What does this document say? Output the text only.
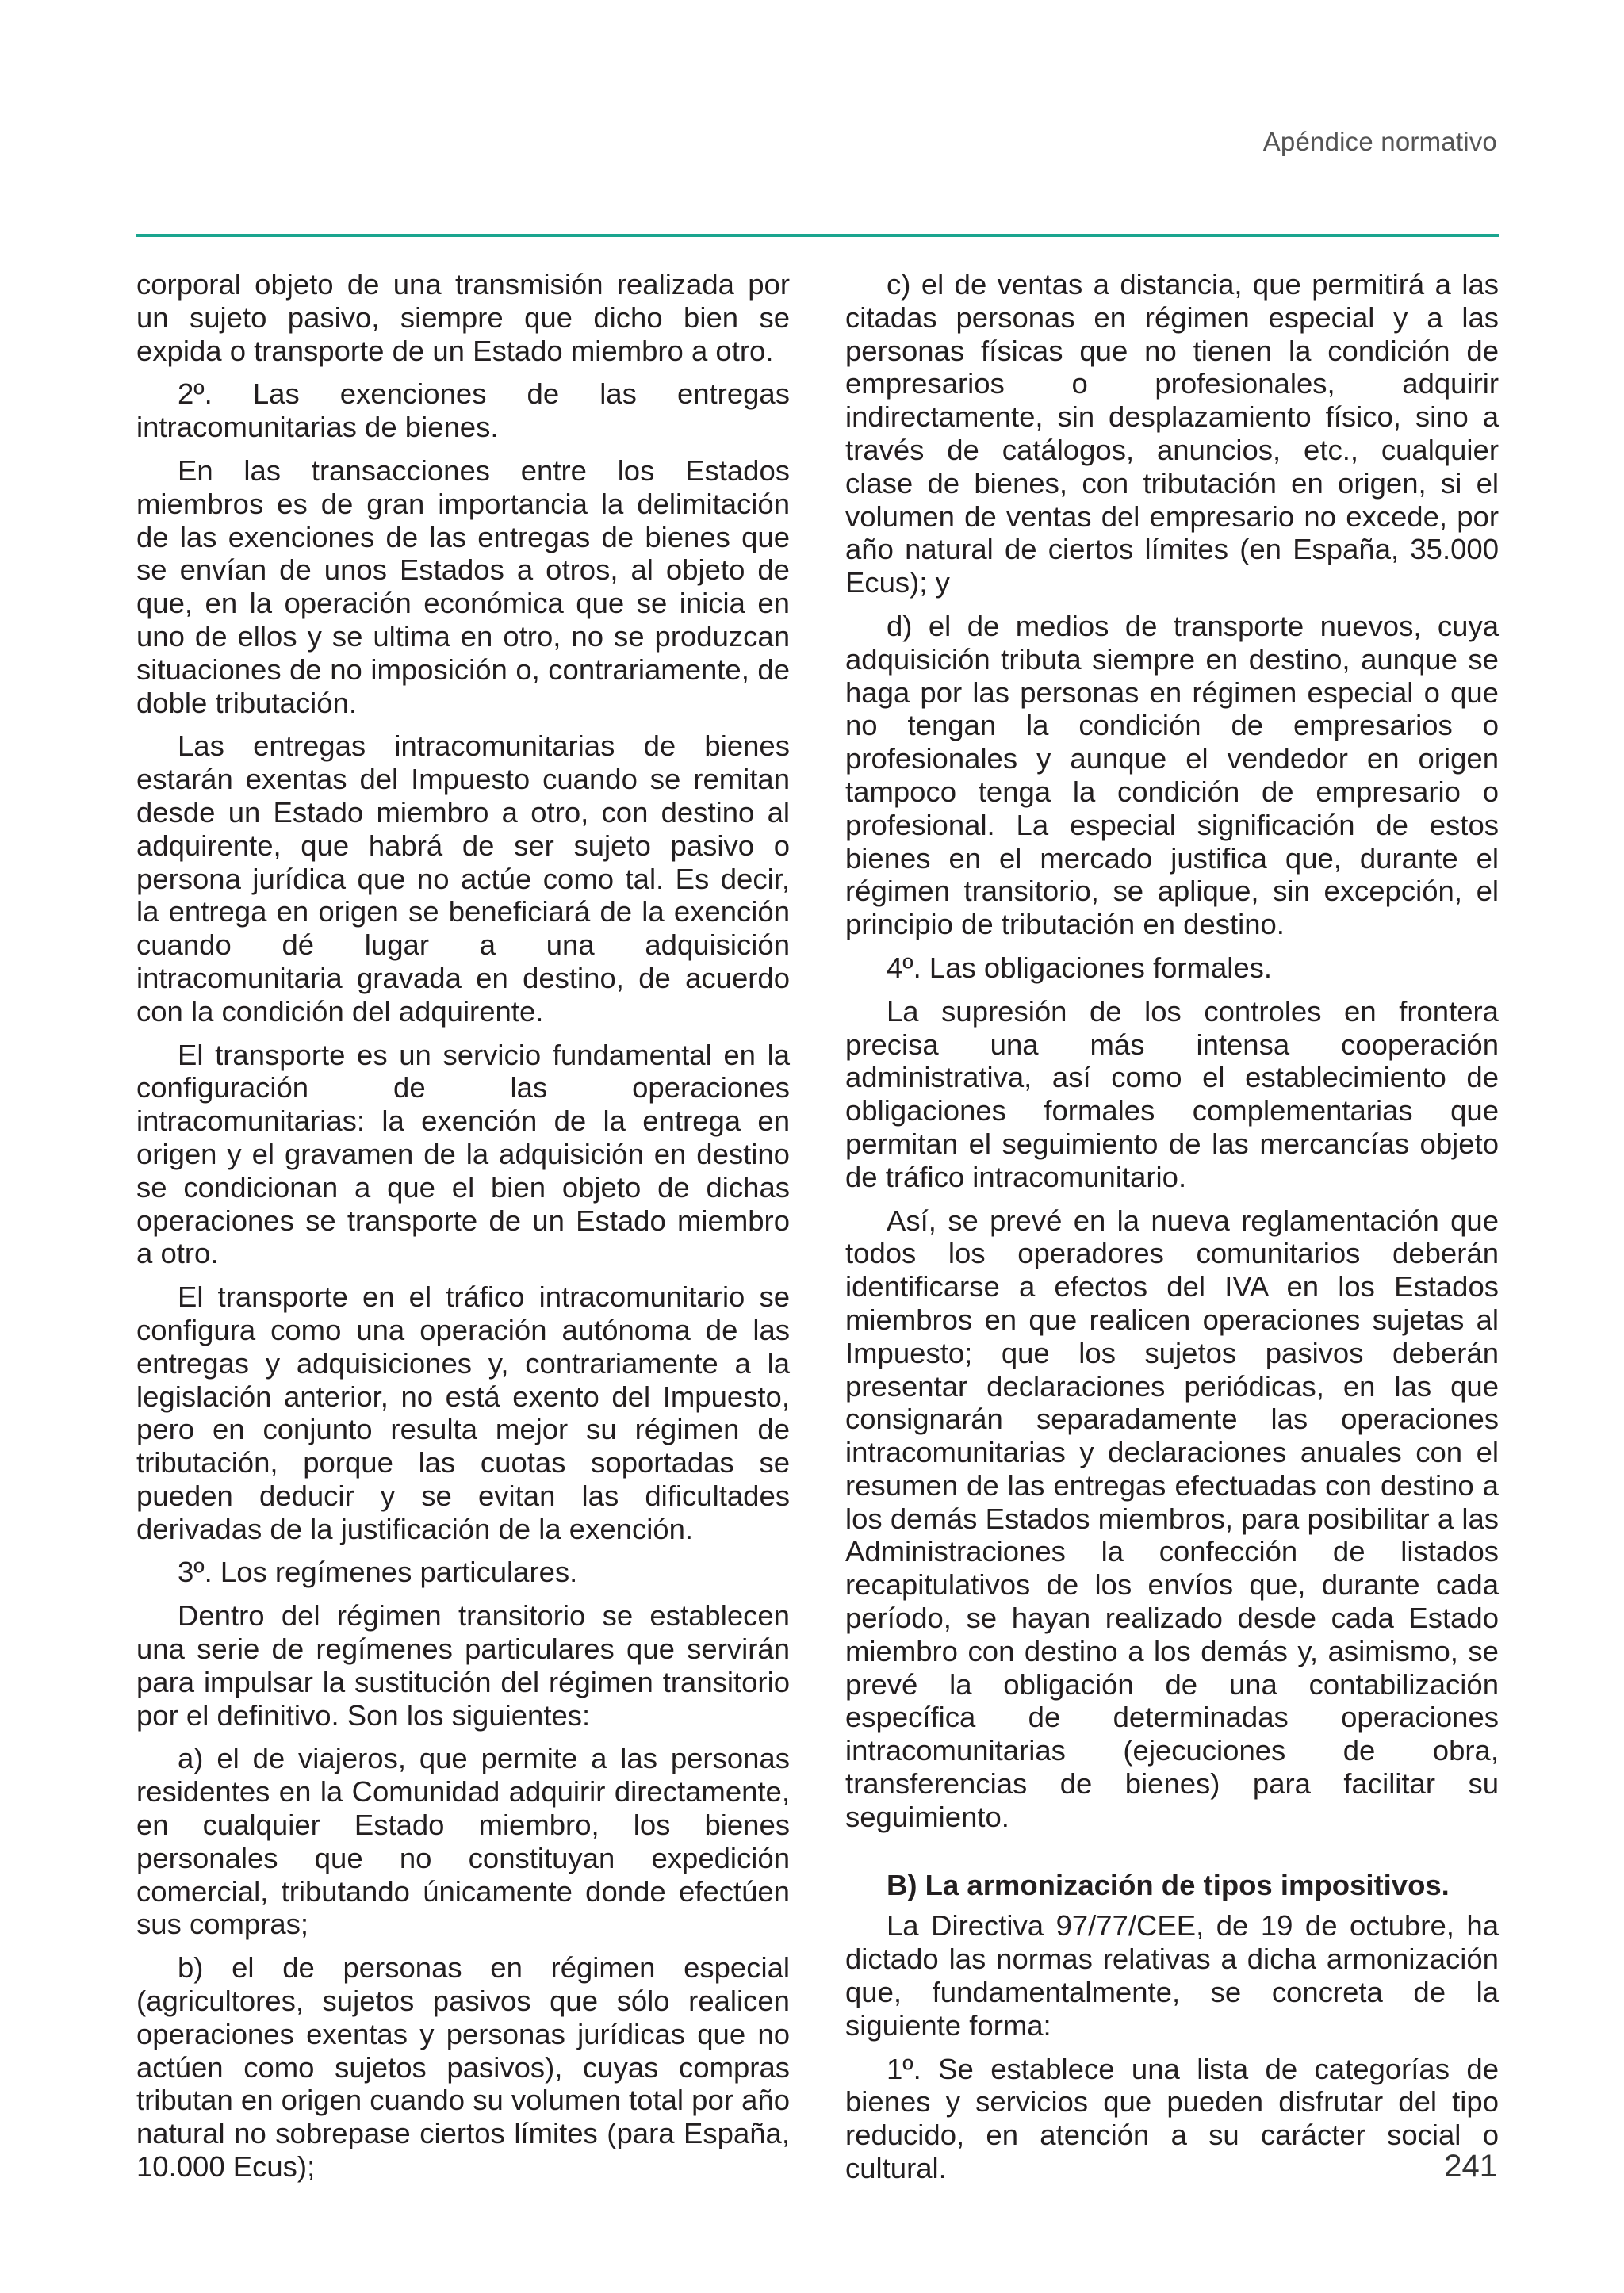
Apéndice normativo

corporal objeto de una transmisión realizada por un sujeto pasivo, siempre que dicho bien se expida o transporte de un Estado miembro a otro.

2º. Las exenciones de las entregas intracomunitarias de bienes.

En las transacciones entre los Estados miembros es de gran importancia la delimitación de las exenciones de las entregas de bienes que se envían de unos Estados a otros, al objeto de que, en la operación económica que se inicia en uno de ellos y se ultima en otro, no se produzcan situaciones de no imposición o, contrariamente, de doble tributación.

Las entregas intracomunitarias de bienes estarán exentas del Impuesto cuando se remitan desde un Estado miembro a otro, con destino al adquirente, que habrá de ser sujeto pasivo o persona jurídica que no actúe como tal. Es decir, la entrega en origen se beneficiará de la exención cuando dé lugar a una adquisición intracomunitaria gravada en destino, de acuerdo con la condición del adquirente.

El transporte es un servicio fundamental en la configuración de las operaciones intracomunitarias: la exención de la entrega en origen y el gravamen de la adquisición en destino se condicionan a que el bien objeto de dichas operaciones se transporte de un Estado miembro a otro.

El transporte en el tráfico intracomunitario se configura como una operación autónoma de las entregas y adquisiciones y, contrariamente a la legislación anterior, no está exento del Impuesto, pero en conjunto resulta mejor su régimen de tributación, porque las cuotas soportadas se pueden deducir y se evitan las dificultades derivadas de la justificación de la exención.

3º. Los regímenes particulares.

Dentro del régimen transitorio se establecen una serie de regímenes particulares que servirán para impulsar la sustitución del régimen transitorio por el definitivo. Son los siguientes:

a) el de viajeros, que permite a las personas residentes en la Comunidad adquirir directamente, en cualquier Estado miembro, los bienes personales que no constituyan expedición comercial, tributando únicamente donde efectúen sus compras;

b) el de personas en régimen especial (agricultores, sujetos pasivos que sólo realicen operaciones exentas y personas jurídicas que no actúen como sujetos pasivos), cuyas compras tributan en origen cuando su volumen total por año natural no sobrepase ciertos límites (para España, 10.000 Ecus);

c) el de ventas a distancia, que permitirá a las citadas personas en régimen especial y a las personas físicas que no tienen la condición de empresarios o profesionales, adquirir indirectamente, sin desplazamiento físico, sino a través de catálogos, anuncios, etc., cualquier clase de bienes, con tributación en origen, si el volumen de ventas del empresario no excede, por año natural de ciertos límites (en España, 35.000 Ecus); y

d) el de medios de transporte nuevos, cuya adquisición tributa siempre en destino, aunque se haga por las personas en régimen especial o que no tengan la condición de empresarios o profesionales y aunque el vendedor en origen tampoco tenga la condición de empresario o profesional. La especial significación de estos bienes en el mercado justifica que, durante el régimen transitorio, se aplique, sin excepción, el principio de tributación en destino.

4º. Las obligaciones formales.

La supresión de los controles en frontera precisa una más intensa cooperación administrativa, así como el establecimiento de obligaciones formales complementarias que permitan el seguimiento de las mercancías objeto de tráfico intracomunitario.

Así, se prevé en la nueva reglamentación que todos los operadores comunitarios deberán identificarse a efectos del IVA en los Estados miembros en que realicen operaciones sujetas al Impuesto; que los sujetos pasivos deberán presentar declaraciones periódicas, en las que consignarán separadamente las operaciones intracomunitarias y declaraciones anuales con el resumen de las entregas efectuadas con destino a los demás Estados miembros, para posibilitar a las Administraciones la confección de listados recapitulativos de los envíos que, durante cada período, se hayan realizado desde cada Estado miembro con destino a los demás y, asimismo, se prevé la obligación de una contabilización específica de determinadas operaciones intracomunitarias (ejecuciones de obra, transferencias de bienes) para facilitar su seguimiento.

B) La armonización de tipos impositivos.

La Directiva 97/77/CEE, de 19 de octubre, ha dictado las normas relativas a dicha armonización que, fundamentalmente, se concreta de la siguiente forma:

1º. Se establece una lista de categorías de bienes y servicios que pueden disfrutar del tipo reducido, en atención a su carácter social o cultural.	241
